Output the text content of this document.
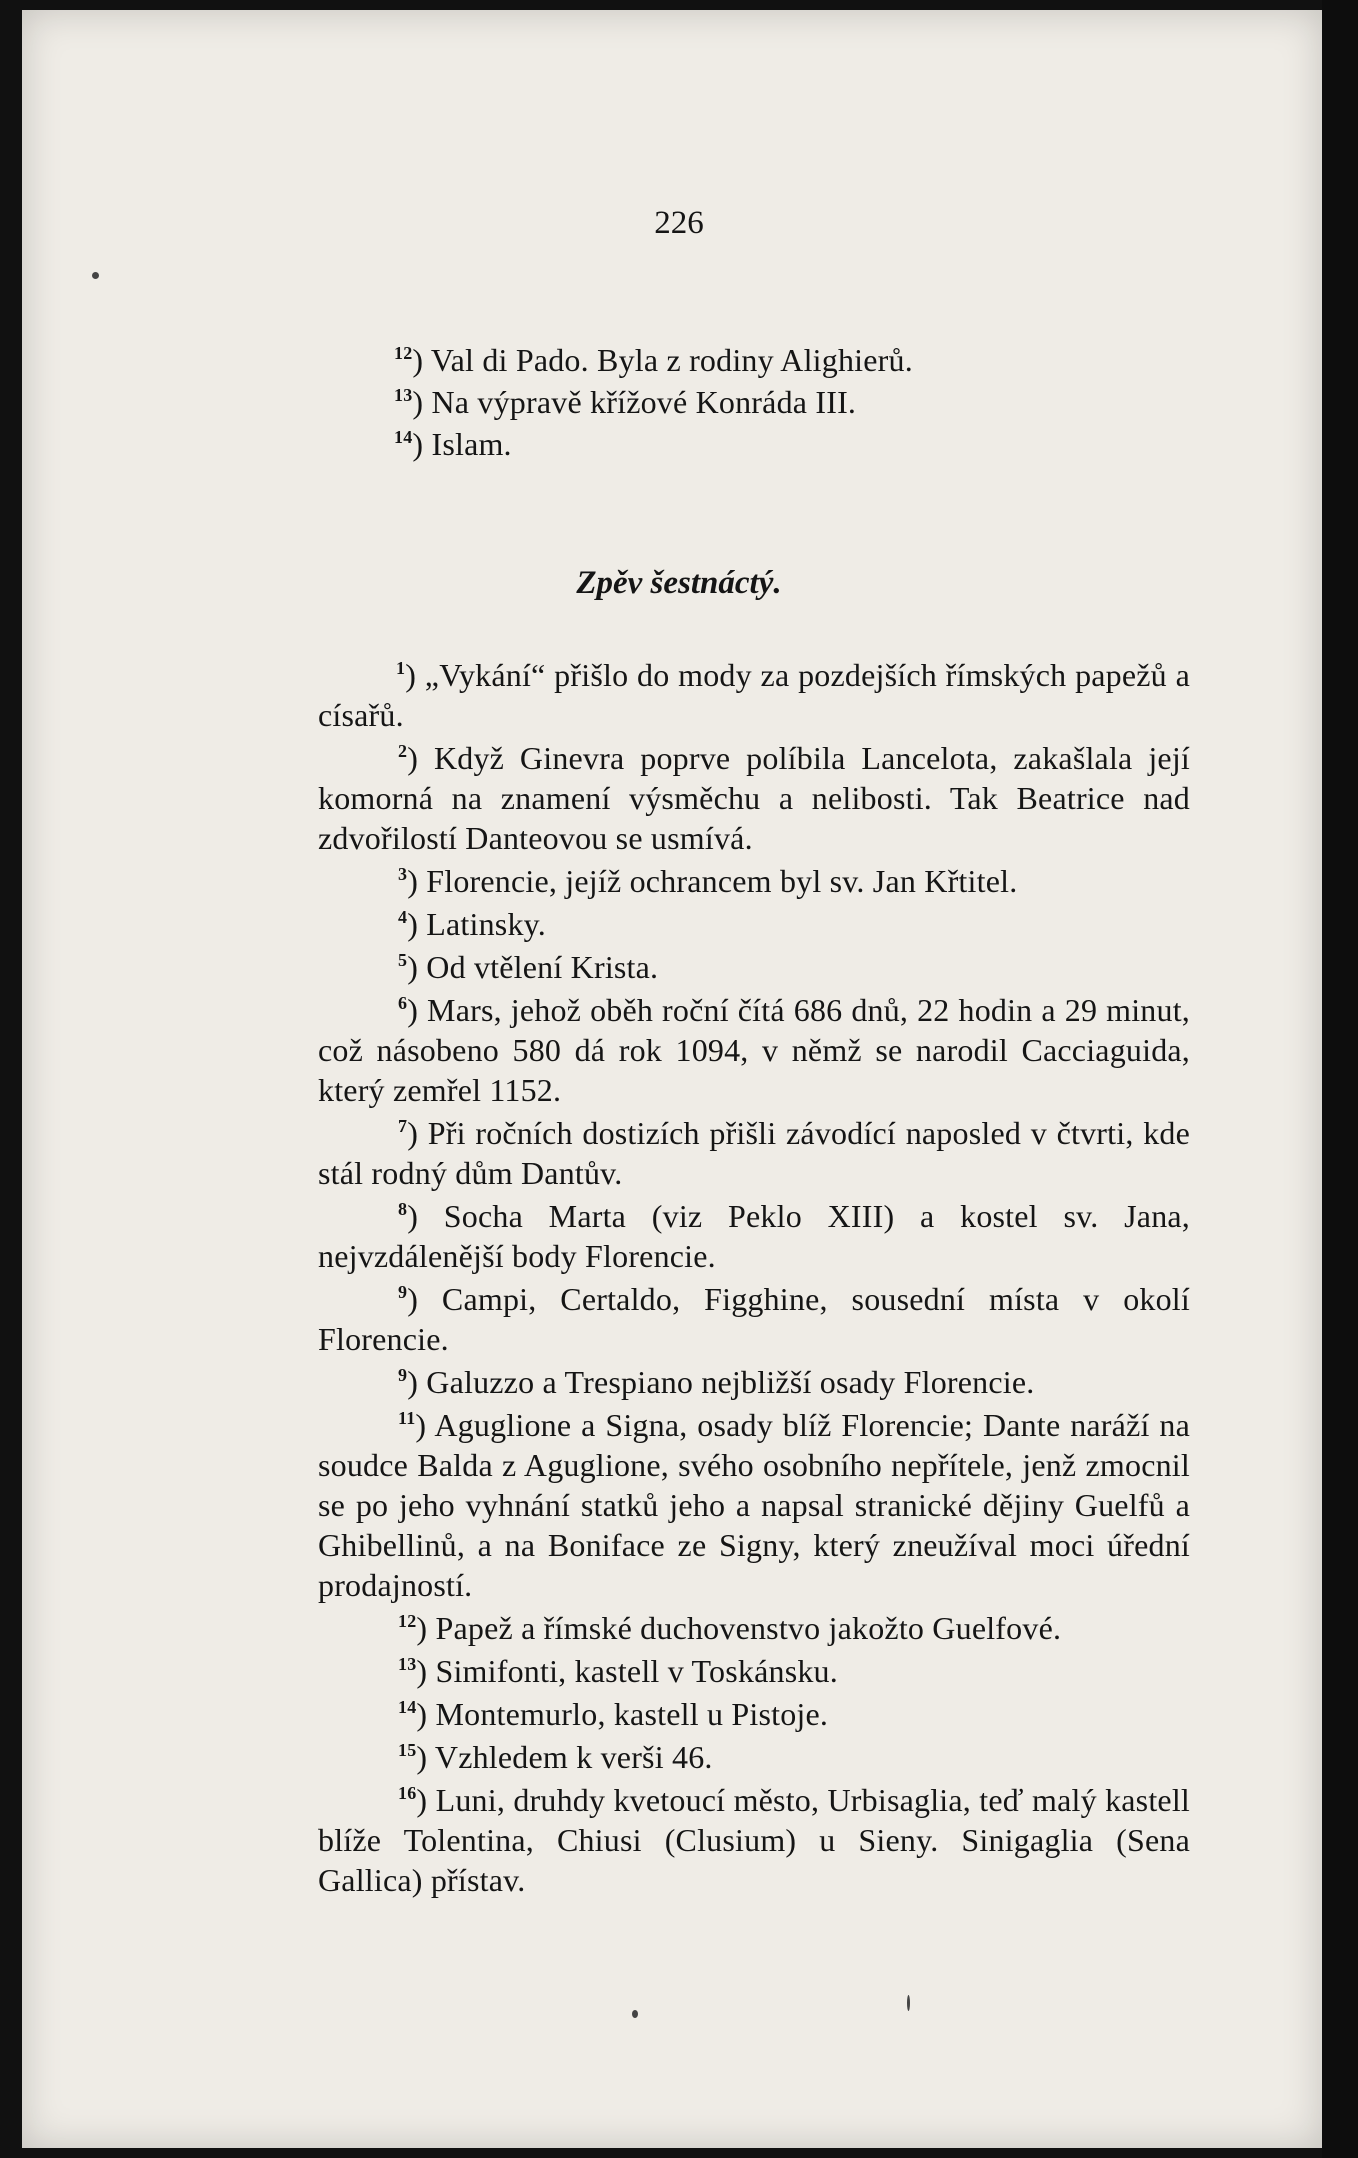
226

$^{12}$) Val di Pado. Byla z rodiny Alighierů.

$^{13}$) Na výpravě křížové Konráda III.

$^{14}$) Islam.

Zpěv šestnáctý.

$^1$) „Vykání“ přišlo do mody za pozdejších římských papežů a císařů.

$^2$) Když Ginevra poprve políbila Lancelota, zakašlala její komorná na znamení výsměchu a nelibosti. Tak Beatrice nad zdvořilostí Danteovou se usmívá.

$^3$) Florencie, jejíž ochrancem byl sv. Jan Křtitel.

$^4$) Latinsky.

$^5$) Od vtělení Krista.

$^6$) Mars, jehož oběh roční čítá 686 dnů, 22 hodin a 29 minut, což násobeno 580 dá rok 1094, v němž se narodil Cacciaguida, který zemřel 1152.

$^7$) Při ročních dostizích přišli závodící naposled v čtvrti, kde stál rodný dům Dantův.

$^8$) Socha Marta (viz Peklo XIII) a kostel sv. Jana, nejvzdálenější body Florencie.

$^9$) Campi, Certaldo, Figghine, sousední místa v okolí Florencie.

$^9$) Galuzzo a Trespiano nejbližší osady Florencie.

$^{11}$) Aguglione a Signa, osady blíž Florencie; Dante naráží na soudce Balda z Aguglione, svého osobního nepřítele, jenž zmocnil se po jeho vyhnání statků jeho a napsal stranické dějiny Guelfů a Ghibellinů, a na Boniface ze Signy, který zneužíval moci úřední prodajností.

$^{12}$) Papež a římské duchovenstvo jakožto Guelfové.

$^{13}$) Simifonti, kastell v Toskánsku.

$^{14}$) Montemurlo, kastell u Pistoje.

$^{15}$) Vzhledem k verši 46.

$^{16}$) Luni, druhdy kvetoucí město, Urbisaglia, teď malý kastell blíže Tolentina, Chiusi (Clusium) u Sieny. Sinigaglia (Sena Gallica) přístav.
